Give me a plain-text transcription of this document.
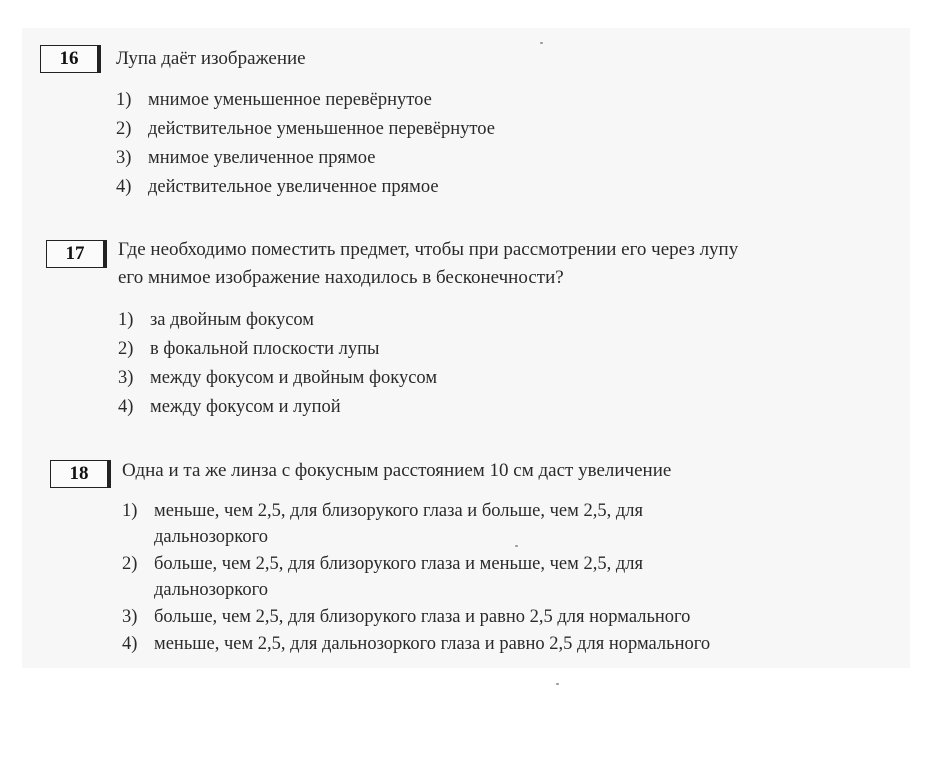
16	Лупа даёт изображение
1) мнимое уменьшенное перевёрнутое
2) действительное уменьшенное перевёрнутое
3) мнимое увеличенное прямое
4) действительное увеличенное прямое
17	Где необходимо поместить предмет, чтобы при рассмотрении его через лупу
его мнимое изображение находилось в бесконечности?
1) за двойным фокусом
2) в фокальной плоскости лупы
3) между фокусом и двойным фокусом
4) между фокусом и лупой
18	Одна и та же линза с фокусным расстоянием 10 см даст увеличение
1) меньше, чем 2,5, для близорукого глаза и больше, чем 2,5, для
дальнозоркого
2) больше, чем 2,5, для близорукого глаза и меньше, чем 2,5, для
дальнозоркого
3) больше, чем 2,5, для близорукого глаза и равно 2,5 для нормального
4) меньше, чем 2,5, для дальнозоркого глаза и равно 2,5 для нормального
